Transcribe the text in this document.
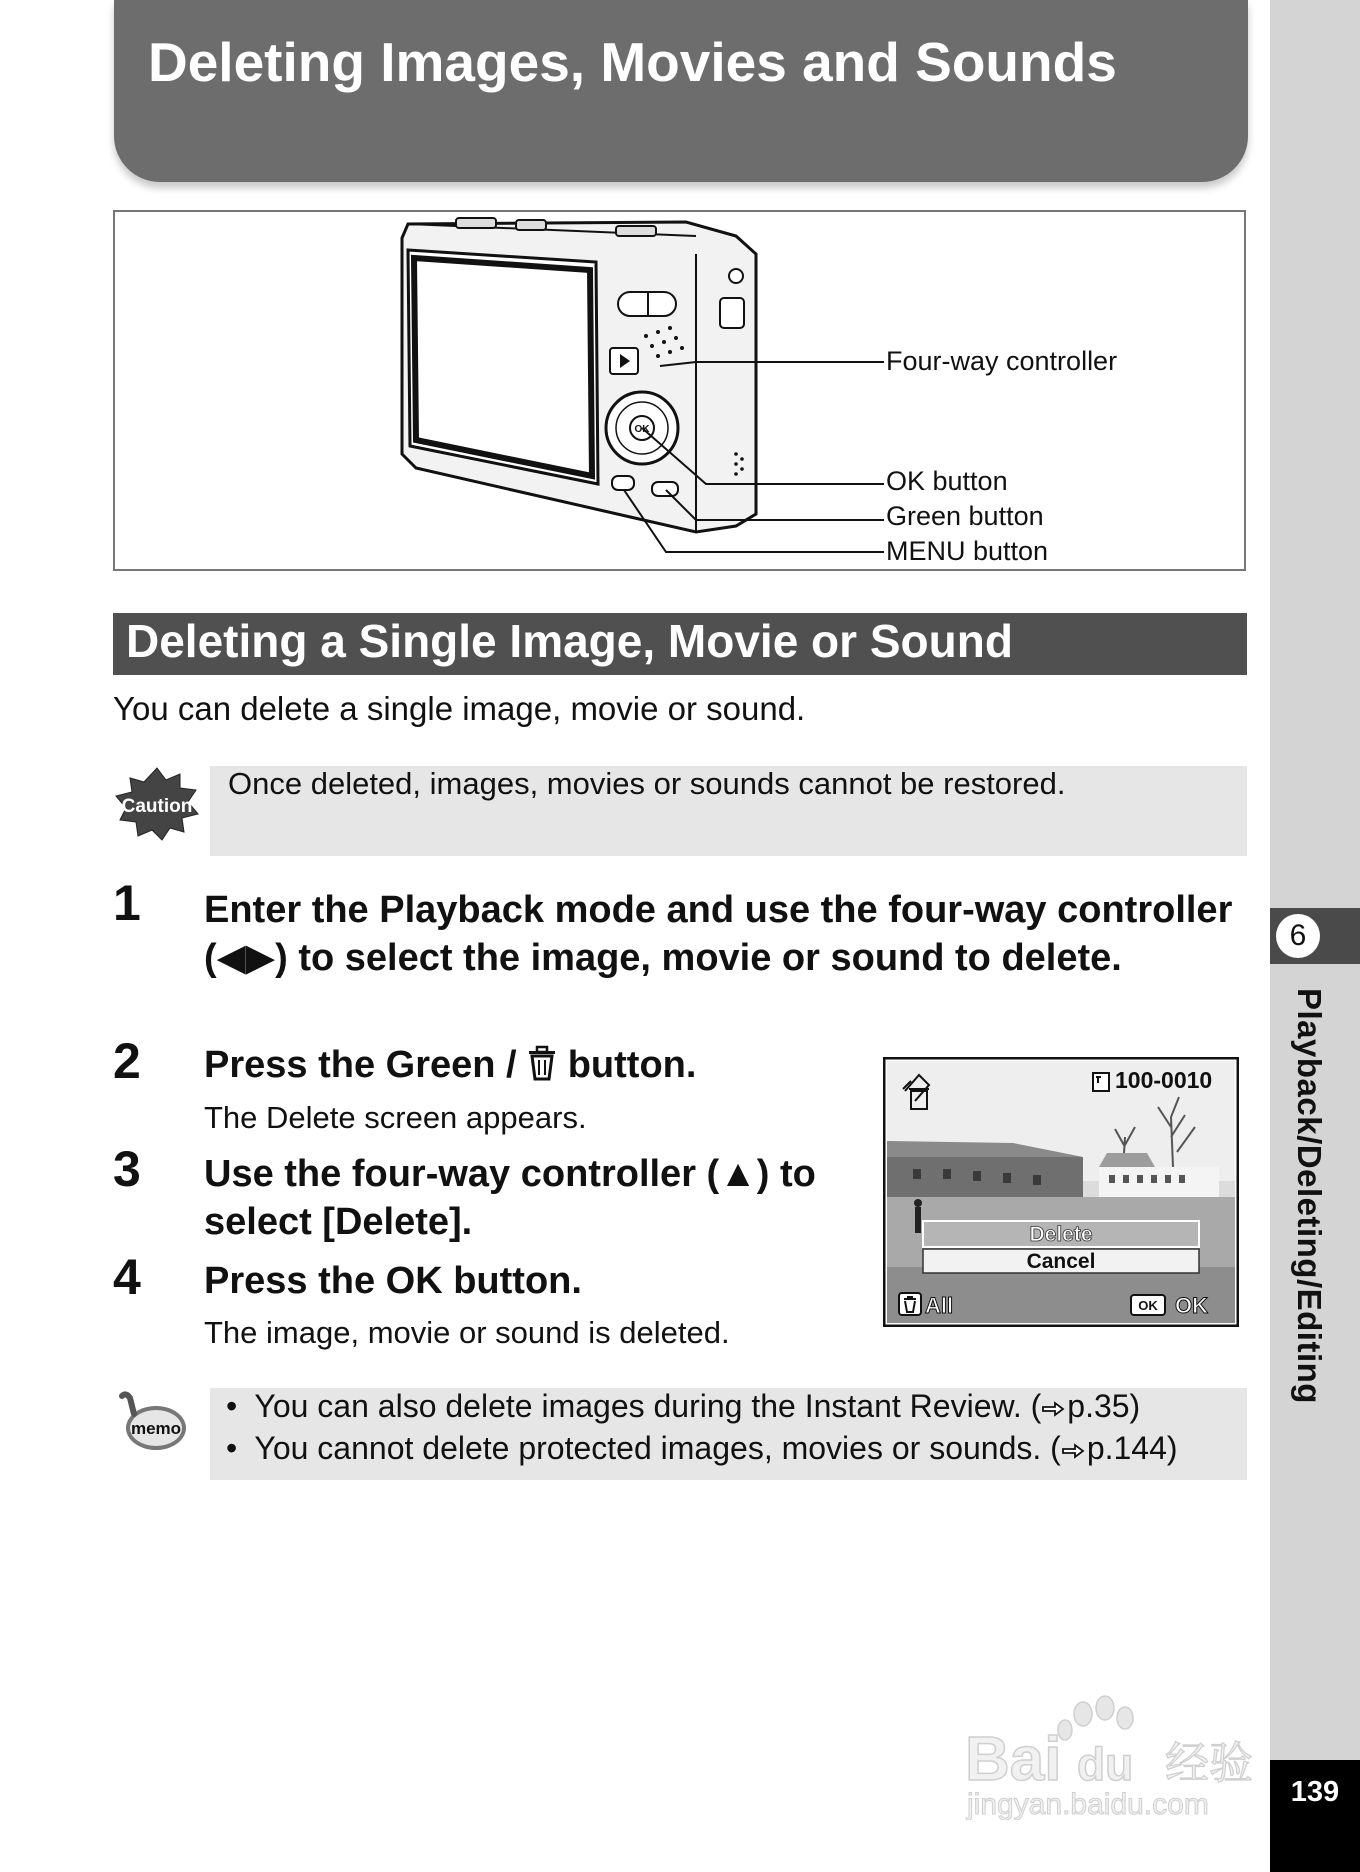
6
Playback/Deleting/Editing
139
Deleting Images, Movies and Sounds
OK
Four-way controller
OK button
Green button
MENU button
Deleting a Single Image, Movie or Sound
You can delete a single image, movie or sound.
Caution
Once deleted, images, movies or sounds cannot be restored.
1 Enter the Playback mode and use the four-way controller (◀▶) to select the image, movie or sound to delete.
2 Press the Green / button.
The Delete screen appears.
3 Use the four-way controller (▲) to select [Delete].
4 Press the OK button.
The image, movie or sound is deleted.
100-0010
Delete
Cancel
All	OK OK
memo
•  You can also delete images during the Instant Review. ( p.35)
•  You cannot delete protected images, movies or sounds. ( p.144)
Bai du 经验
jingyan.baidu.com
